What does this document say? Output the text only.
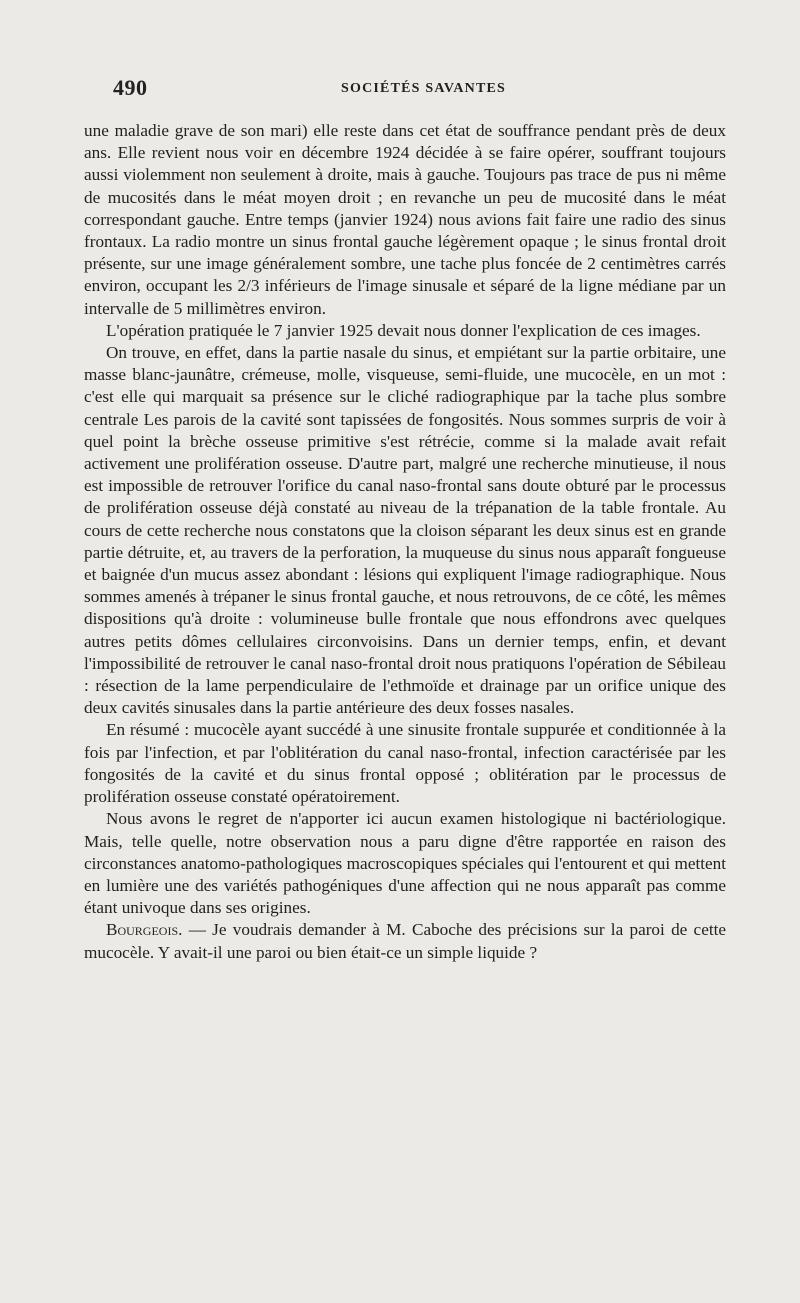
490	SOCIÉTÉS SAVANTES

une maladie grave de son mari) elle reste dans cet état de souffrance pendant près de deux ans. Elle revient nous voir en décembre 1924 décidée à se faire opérer, souffrant toujours aussi violemment non seulement à droite, mais à gauche. Toujours pas trace de pus ni même de mucosités dans le méat moyen droit ; en revanche un peu de mucosité dans le méat correspondant gauche. Entre temps (janvier 1924) nous avions fait faire une radio des sinus frontaux. La radio montre un sinus frontal gauche légèrement opaque ; le sinus frontal droit présente, sur une image généralement sombre, une tache plus foncée de 2 centimètres carrés environ, occupant les 2/3 inférieurs de l'image sinusale et séparé de la ligne médiane par un intervalle de 5 millimètres environ.

L'opération pratiquée le 7 janvier 1925 devait nous donner l'explication de ces images.

On trouve, en effet, dans la partie nasale du sinus, et empiétant sur la partie orbitaire, une masse blanc-jaunâtre, crémeuse, molle, visqueuse, semi-fluide, une mucocèle, en un mot : c'est elle qui marquait sa présence sur le cliché radiographique par la tache plus sombre centrale Les parois de la cavité sont tapissées de fongosités. Nous sommes surpris de voir à quel point la brèche osseuse primitive s'est rétrécie, comme si la malade avait refait activement une prolifération osseuse. D'autre part, malgré une recherche minutieuse, il nous est impossible de retrouver l'orifice du canal naso-frontal sans doute obturé par le processus de prolifération osseuse déjà constaté au niveau de la trépanation de la table frontale. Au cours de cette recherche nous constatons que la cloison séparant les deux sinus est en grande partie détruite, et, au travers de la perforation, la muqueuse du sinus nous apparaît fongueuse et baignée d'un mucus assez abondant : lésions qui expliquent l'image radiographique. Nous sommes amenés à trépaner le sinus frontal gauche, et nous retrouvons, de ce côté, les mêmes dispositions qu'à droite : volumineuse bulle frontale que nous effondrons avec quelques autres petits dômes cellulaires circonvoisins. Dans un dernier temps, enfin, et devant l'impossibilité de retrouver le canal naso-frontal droit nous pratiquons l'opération de Sébileau : résection de la lame perpendiculaire de l'ethmoïde et drainage par un orifice unique des deux cavités sinusales dans la partie antérieure des deux fosses nasales.

En résumé : mucocèle ayant succédé à une sinusite frontale suppurée et conditionnée à la fois par l'infection, et par l'oblitération du canal naso-frontal, infection caractérisée par les fongosités de la cavité et du sinus frontal opposé ; oblitération par le processus de prolifération osseuse constaté opératoirement.

Nous avons le regret de n'apporter ici aucun examen histologique ni bactériologique. Mais, telle quelle, notre observation nous a paru digne d'être rapportée en raison des circonstances anatomo-pathologiques macroscopiques spéciales qui l'entourent et qui mettent en lumière une des variétés pathogéniques d'une affection qui ne nous apparaît pas comme étant univoque dans ses origines.

Bourgeois. — Je voudrais demander à M. Caboche des précisions sur la paroi de cette mucocèle. Y avait-il une paroi ou bien était-ce un simple liquide ?
